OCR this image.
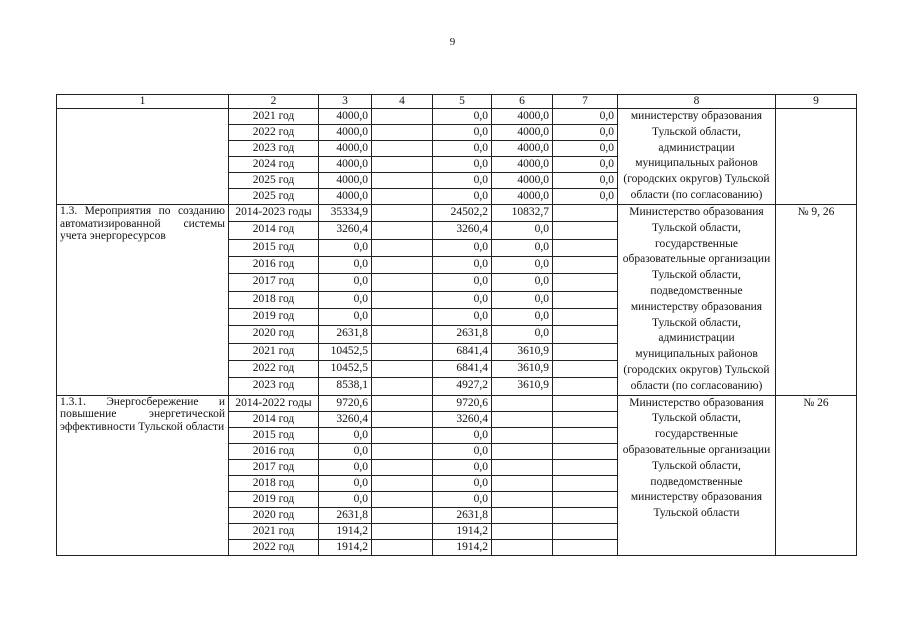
9
1	2	3	4	5	6	7	8	9
	2021 год	4000,0		0,0	4000,0	0,0	министерству образования Тульской области, администрации муниципальных районов (городских округов) Тульской области (по согласованию)	
	2022 год	4000,0		0,0	4000,0	0,0		
	2023 год	4000,0		0,0	4000,0	0,0		
	2024 год	4000,0		0,0	4000,0	0,0		
	2025 год	4000,0		0,0	4000,0	0,0		
	2025 год	4000,0		0,0	4000,0	0,0		
1.3. Мероприятия по созданию автоматизированной системы учета энергоресурсов	2014-2023 годы	35334,9		24502,2	10832,7		Министерство образования Тульской области, государственные образовательные организации Тульской области, подведомственные министерству образования Тульской области, администрации муниципальных районов (городских округов) Тульской области (по согласованию)	№ 9, 26
	2014 год	3260,4		3260,4	0,0			
	2015 год	0,0		0,0	0,0			
	2016 год	0,0		0,0	0,0			
	2017 год	0,0		0,0	0,0			
	2018 год	0,0		0,0	0,0			
	2019 год	0,0		0,0	0,0			
	2020 год	2631,8		2631,8	0,0			
	2021 год	10452,5		6841,4	3610,9			
	2022 год	10452,5		6841,4	3610,9			
	2023 год	8538,1		4927,2	3610,9			
1.3.1. Энергосбережение и повышение энергетической эффективности Тульской области	2014-2022 годы	9720,6		9720,6			Министерство образования Тульской области, государственные образовательные организации Тульской области, подведомственные министерству образования Тульской области	№ 26
	2014 год	3260,4		3260,4				
	2015 год	0,0		0,0				
	2016 год	0,0		0,0				
	2017 год	0,0		0,0				
	2018 год	0,0		0,0				
	2019 год	0,0		0,0				
	2020 год	2631,8		2631,8				
	2021 год	1914,2		1914,2				
	2022 год	1914,2		1914,2				
